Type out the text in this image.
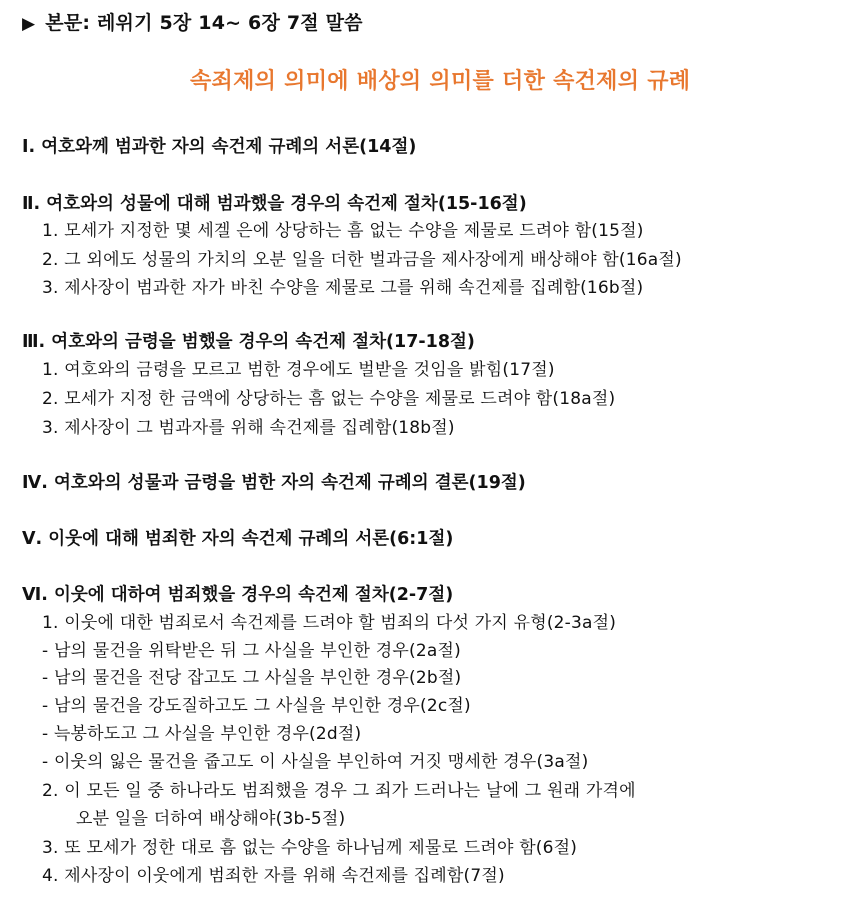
▶ 본문: 레위기 5장 14~ 6장 7절 말씀
속죄제의 의미에 배상의 의미를 더한 속건제의 규례
Ⅰ. 여호와께 범과한 자의 속건제 규례의 서론(14절)
Ⅱ. 여호와의 성물에 대해 범과했을 경우의 속건제 절차(15-16절)
1. 모세가 지정한 몇 세겔 은에 상당하는 흠 없는 수양을 제물로 드려야 함(15절)
2. 그 외에도 성물의 가치의 오분 일을 더한 벌과금을 제사장에게 배상해야 함(16a절)
3. 제사장이 범과한 자가 바친 수양을 제물로 그를 위해 속건제를 집례함(16b절)
Ⅲ. 여호와의 금령을 범했을 경우의 속건제 절차(17-18절)
1. 여호와의 금령을 모르고 범한 경우에도 벌받을 것임을 밝힘(17절)
2. 모세가 지정 한 금액에 상당하는 흠 없는 수양을 제물로 드려야 함(18a절)
3. 제사장이 그 범과자를 위해 속건제를 집례함(18b절)
Ⅳ. 여호와의 성물과 금령을 범한 자의 속건제 규례의 결론(19절)
Ⅴ. 이웃에 대해 범죄한 자의 속건제 규례의 서론(6:1절)
Ⅵ. 이웃에 대하여 범죄했을 경우의 속건제 절차(2-7절)
1. 이웃에 대한 범죄로서 속건제를 드려야 할 범죄의 다섯 가지 유형(2-3a절)
- 남의 물건을 위탁받은 뒤 그 사실을 부인한 경우(2a절)
- 남의 물건을 전당 잡고도 그 사실을 부인한 경우(2b절)
- 남의 물건을 강도질하고도 그 사실을 부인한 경우(2c절)
- 늑봉하도고 그 사실을 부인한 경우(2d절)
- 이웃의 잃은 물건을 줍고도 이 사실을 부인하여 거짓 맹세한 경우(3a절)
2. 이 모든 일 중 하나라도 범죄했을 경우 그 죄가 드러나는 날에 그 원래 가격에
오분 일을 더하여 배상해야(3b-5절)
3. 또 모세가 정한 대로 흠 없는 수양을 하나님께 제물로 드려야 함(6절)
4. 제사장이 이웃에게 범죄한 자를 위해 속건제를 집례함(7절)
